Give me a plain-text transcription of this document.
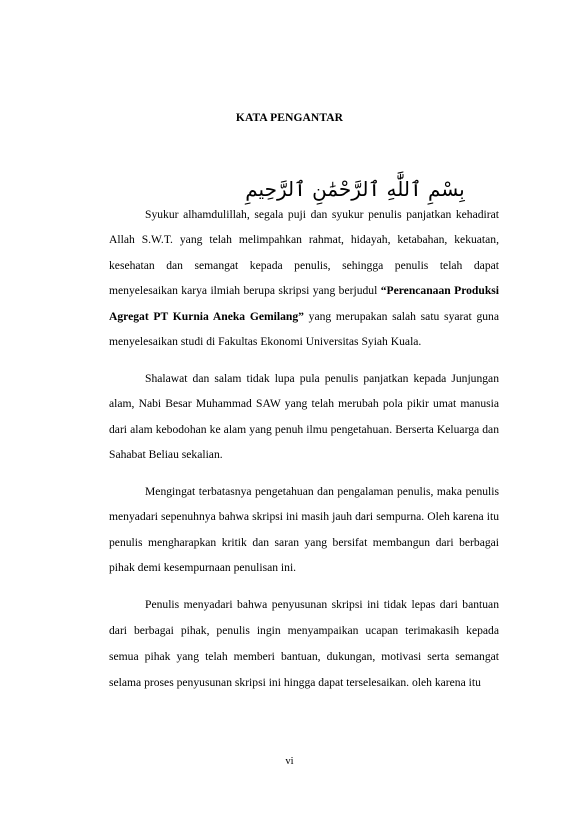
KATA PENGANTAR
بِسْمِ ٱللَّٰهِ ٱلرَّحْمَٰنِ ٱلرَّحِيمِ

Syukur alhamdulillah, segala puji dan syukur penulis panjatkan kehadirat Allah S.W.T. yang telah melimpahkan rahmat, hidayah, ketabahan, kekuatan, kesehatan dan semangat kepada penulis, sehingga penulis telah dapat menyelesaikan karya ilmiah berupa skripsi yang berjudul “Perencanaan Produksi Agregat PT Kurnia Aneka Gemilang” yang merupakan salah satu syarat guna menyelesaikan studi di Fakultas Ekonomi Universitas Syiah Kuala.

Shalawat dan salam tidak lupa pula penulis panjatkan kepada Junjungan alam, Nabi Besar Muhammad SAW yang telah merubah pola pikir umat manusia dari alam kebodohan ke alam yang penuh ilmu pengetahuan. Berserta Keluarga dan Sahabat Beliau sekalian.

Mengingat terbatasnya pengetahuan dan pengalaman penulis, maka penulis menyadari sepenuhnya bahwa skripsi ini masih jauh dari sempurna. Oleh karena itu penulis mengharapkan kritik dan saran yang bersifat membangun dari berbagai pihak demi kesempurnaan penulisan ini.

Penulis menyadari bahwa penyusunan skripsi ini tidak lepas dari bantuan dari berbagai pihak, penulis ingin menyampaikan ucapan terimakasih kepada semua pihak yang telah memberi bantuan, dukungan, motivasi serta semangat selama proses penyusunan skripsi ini hingga dapat terselesaikan. oleh karena itu

vi
